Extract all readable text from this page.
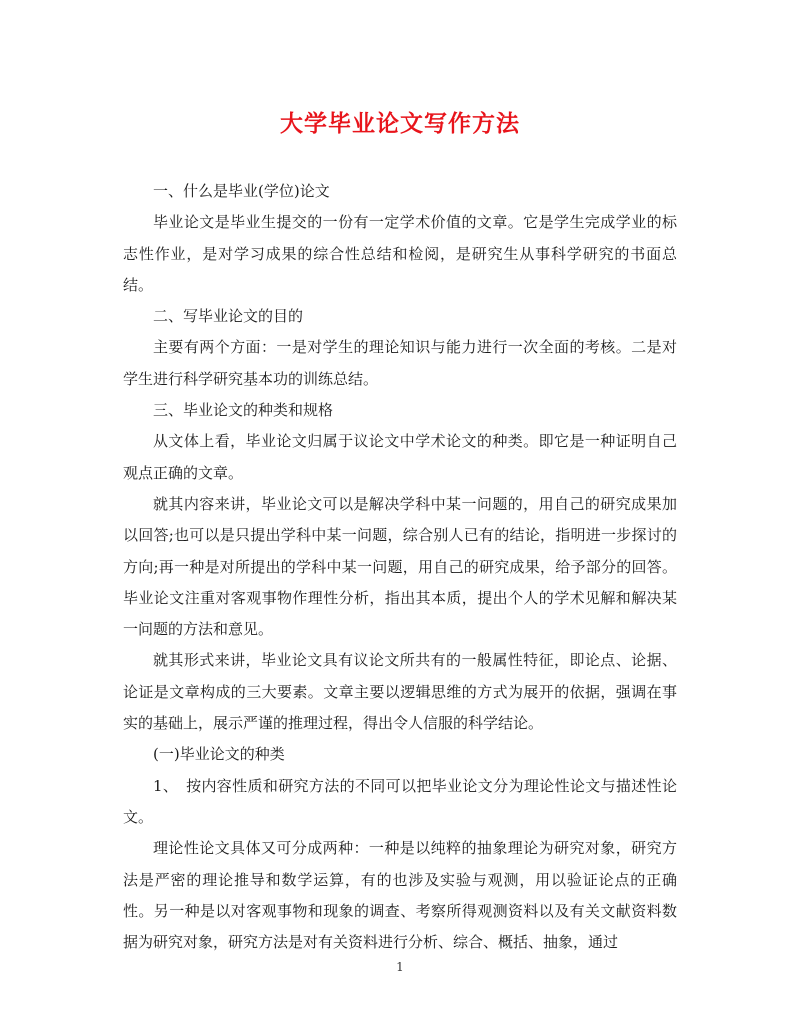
大学毕业论文写作方法

一、什么是毕业(学位)论文

毕业论文是毕业生提交的一份有一定学术价值的文章。它是学生完成学业的标志性作业，是对学习成果的综合性总结和检阅，是研究生从事科学研究的书面总结。

二、写毕业论文的目的

主要有两个方面：一是对学生的理论知识与能力进行一次全面的考核。二是对学生进行科学研究基本功的训练总结。

三、毕业论文的种类和规格

从文体上看，毕业论文归属于议论文中学术论文的种类。即它是一种证明自己观点正确的文章。

就其内容来讲，毕业论文可以是解决学科中某一问题的，用自己的研究成果加以回答;也可以是只提出学科中某一问题，综合别人已有的结论，指明进一步探讨的方向;再一种是对所提出的学科中某一问题，用自己的研究成果，给予部分的回答。毕业论文注重对客观事物作理性分析，指出其本质，提出个人的学术见解和解决某一问题的方法和意见。

就其形式来讲，毕业论文具有议论文所共有的一般属性特征，即论点、论据、论证是文章构成的三大要素。文章主要以逻辑思维的方式为展开的依据，强调在事实的基础上，展示严谨的推理过程，得出令人信服的科学结论。

(一)毕业论文的种类

1、　按内容性质和研究方法的不同可以把毕业论文分为理论性论文与描述性论文。

理论性论文具体又可分成两种：一种是以纯粹的抽象理论为研究对象，研究方法是严密的理论推导和数学运算，有的也涉及实验与观测，用以验证论点的正确性。另一种是以对客观事物和现象的调查、考察所得观测资料以及有关文献资料数据为研究对象，研究方法是对有关资料进行分析、综合、概括、抽象，通过

1
